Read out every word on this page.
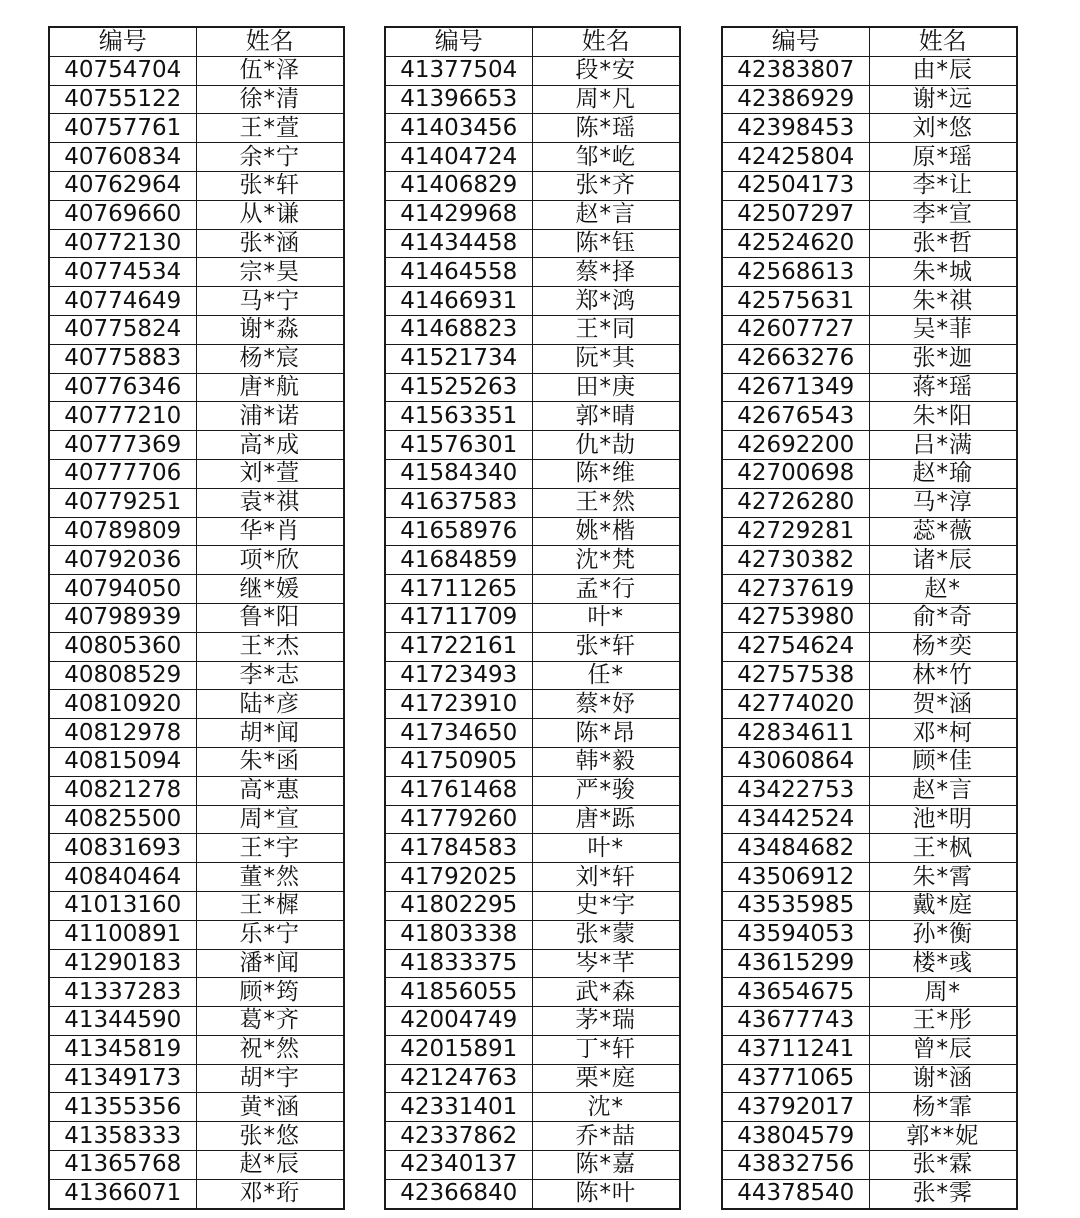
编号	姓名
40754704	伍*泽
40755122	徐*清
40757761	王*萱
40760834	余*宁
40762964	张*轩
40769660	从*谦
40772130	张*涵
40774534	宗*昊
40774649	马*宁
40775824	谢*淼
40775883	杨*宸
40776346	唐*航
40777210	浦*诺
40777369	高*成
40777706	刘*萱
40779251	袁*祺
40789809	华*肖
40792036	项*欣
40794050	继*媛
40798939	鲁*阳
40805360	王*杰
40808529	李*志
40810920	陆*彦
40812978	胡*闻
40815094	朱*函
40821278	高*惠
40825500	周*宣
40831693	王*宇
40840464	董*然
41013160	王*樨
41100891	乐*宁
41290183	潘*闻
41337283	顾*筠
41344590	葛*齐
41345819	祝*然
41349173	胡*宇
41355356	黄*涵
41358333	张*悠
41365768	赵*辰
41366071	邓*珩
编号	姓名
41377504	段*安
41396653	周*凡
41403456	陈*瑶
41404724	邹*屹
41406829	张*齐
41429968	赵*言
41434458	陈*钰
41464558	蔡*择
41466931	郑*鸿
41468823	王*同
41521734	阮*其
41525263	田*庚
41563351	郭*晴
41576301	仇*劼
41584340	陈*维
41637583	王*然
41658976	姚*楷
41684859	沈*梵
41711265	孟*行
41711709	叶*
41722161	张*轩
41723493	任*
41723910	蔡*妤
41734650	陈*昂
41750905	韩*毅
41761468	严*骏
41779260	唐*跞
41784583	叶*
41792025	刘*轩
41802295	史*宇
41803338	张*蒙
41833375	岑*芊
41856055	武*森
42004749	茅*瑞
42015891	丁*轩
42124763	栗*庭
42331401	沈*
42337862	乔*喆
42340137	陈*嘉
42366840	陈*叶
编号	姓名
42383807	由*辰
42386929	谢*远
42398453	刘*悠
42425804	原*瑶
42504173	李*让
42507297	李*宣
42524620	张*哲
42568613	朱*城
42575631	朱*祺
42607727	吴*菲
42663276	张*迦
42671349	蒋*瑶
42676543	朱*阳
42692200	吕*满
42700698	赵*瑜
42726280	马*淳
42729281	蕊*薇
42730382	诸*辰
42737619	赵*
42753980	俞*奇
42754624	杨*奕
42757538	林*竹
42774020	贺*涵
42834611	邓*柯
43060864	顾*佳
43422753	赵*言
43442524	池*明
43484682	王*枫
43506912	朱*霄
43535985	戴*庭
43594053	孙*衡
43615299	楼*彧
43654675	周*
43677743	王*彤
43711241	曾*辰
43771065	谢*涵
43792017	杨*霏
43804579	郭**妮
43832756	张*霖
44378540	张*霁
